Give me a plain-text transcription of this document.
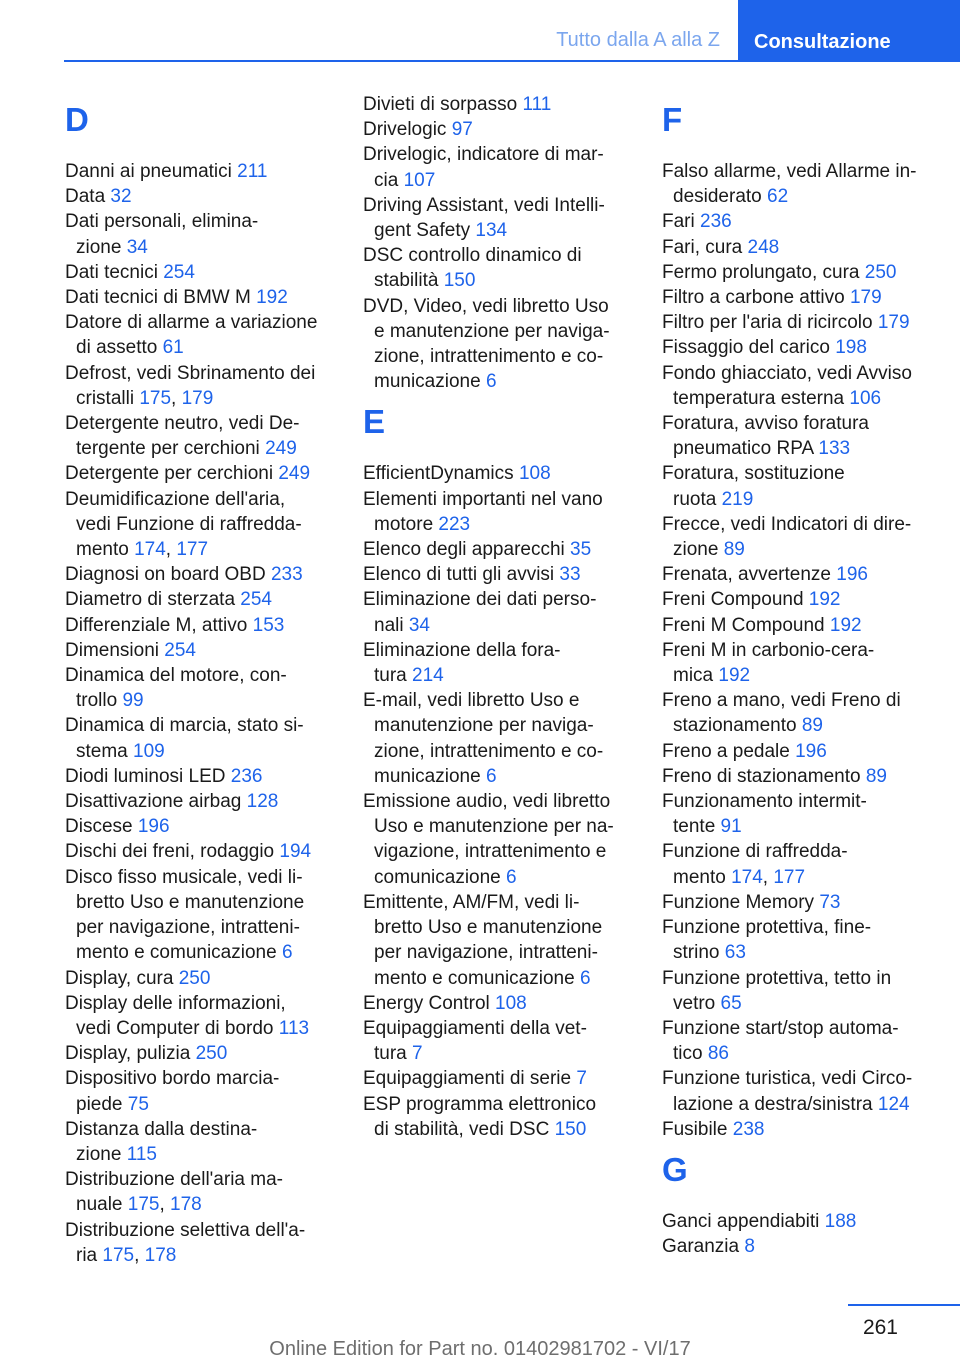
Tutto dalla A alla Z	Consultazione
D
Danni ai pneumatici 211
Data 32
Dati personali, elimina-
zione 34
Dati tecnici 254
Dati tecnici di BMW M 192
Datore di allarme a variazione
di assetto 61
Defrost, vedi Sbrinamento dei
cristalli 175, 179
Detergente neutro, vedi De-
tergente per cerchioni 249
Detergente per cerchioni 249
Deumidificazione dell'aria,
vedi Funzione di raffredda-
mento 174, 177
Diagnosi on board OBD 233
Diametro di sterzata 254
Differenziale M, attivo 153
Dimensioni 254
Dinamica del motore, con-
trollo 99
Dinamica di marcia, stato si-
stema 109
Diodi luminosi LED 236
Disattivazione airbag 128
Discese 196
Dischi dei freni, rodaggio 194
Disco fisso musicale, vedi li-
bretto Uso e manutenzione
per navigazione, intratteni-
mento e comunicazione 6
Display, cura 250
Display delle informazioni,
vedi Computer di bordo 113
Display, pulizia 250
Dispositivo bordo marcia-
piede 75
Distanza dalla destina-
zione 115
Distribuzione dell'aria ma-
nuale 175, 178
Distribuzione selettiva dell'a-
ria 175, 178
Divieti di sorpasso 111
Drivelogic 97
Drivelogic, indicatore di mar-
cia 107
Driving Assistant, vedi Intelli-
gent Safety 134
DSC controllo dinamico di
stabilità 150
DVD, Video, vedi libretto Uso
e manutenzione per naviga-
zione, intrattenimento e co-
municazione 6
E
EfficientDynamics 108
Elementi importanti nel vano
motore 223
Elenco degli apparecchi 35
Elenco di tutti gli avvisi 33
Eliminazione dei dati perso-
nali 34
Eliminazione della fora-
tura 214
E-mail, vedi libretto Uso e
manutenzione per naviga-
zione, intrattenimento e co-
municazione 6
Emissione audio, vedi libretto
Uso e manutenzione per na-
vigazione, intrattenimento e
comunicazione 6
Emittente, AM/FM, vedi li-
bretto Uso e manutenzione
per navigazione, intratteni-
mento e comunicazione 6
Energy Control 108
Equipaggiamenti della vet-
tura 7
Equipaggiamenti di serie 7
ESP programma elettronico
di stabilità, vedi DSC 150
F
Falso allarme, vedi Allarme in-
desiderato 62
Fari 236
Fari, cura 248
Fermo prolungato, cura 250
Filtro a carbone attivo 179
Filtro per l'aria di ricircolo 179
Fissaggio del carico 198
Fondo ghiacciato, vedi Avviso
temperatura esterna 106
Foratura, avviso foratura
pneumatico RPA 133
Foratura, sostituzione
ruota 219
Frecce, vedi Indicatori di dire-
zione 89
Frenata, avvertenze 196
Freni Compound 192
Freni M Compound 192
Freni M in carbonio-cera-
mica 192
Freno a mano, vedi Freno di
stazionamento 89
Freno a pedale 196
Freno di stazionamento 89
Funzionamento intermit-
tente 91
Funzione di raffredda-
mento 174, 177
Funzione Memory 73
Funzione protettiva, fine-
strino 63
Funzione protettiva, tetto in
vetro 65
Funzione start/stop automa-
tico 86
Funzione turistica, vedi Circo-
lazione a destra/sinistra 124
Fusibile 238
G
Ganci appendiabiti 188
Garanzia 8
261
Online Edition for Part no. 01402981702 - VI/17
